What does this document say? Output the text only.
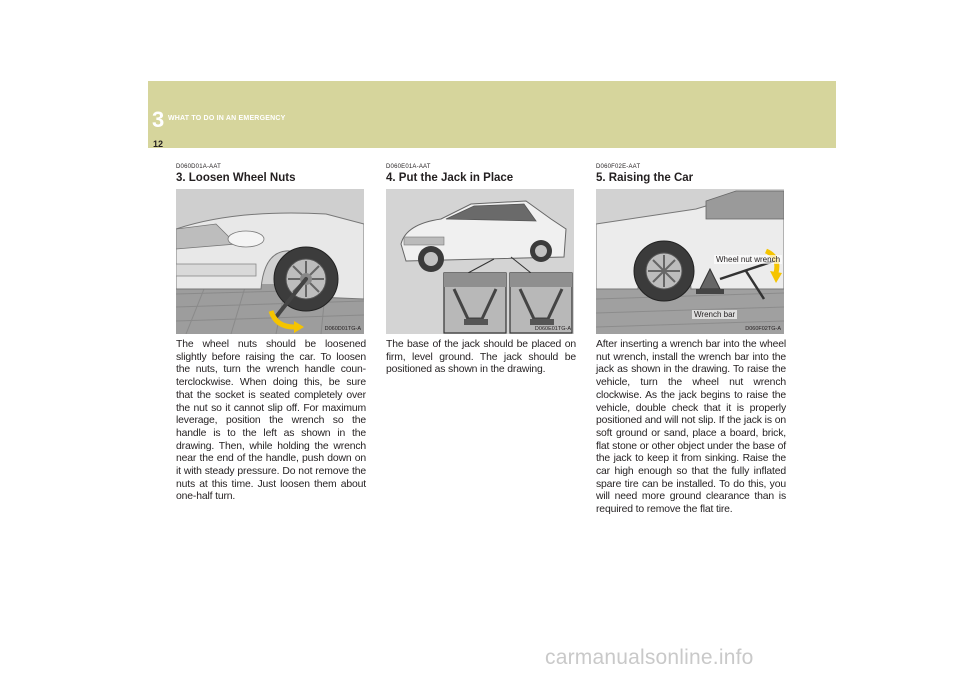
3 WHAT TO DO IN AN EMERGENCY
12
D060D01A-AAT
3. Loosen Wheel Nuts
D060D01TG-A
The wheel nuts should be loosened slightly before raising the car. To loosen the nuts, turn the wrench handle coun-terclockwise. When doing this, be sure that the socket is seated completely over the nut so it cannot slip off. For maximum leverage, position the wrench so the handle is to the left as shown in the drawing. Then, while holding the wrench near the end of the handle, push down on it with steady pressure. Do not remove the nuts at this time. Just loosen them about one-half turn.
D060E01A-AAT
4. Put the Jack in Place
D060E01TG-A
The base of the jack should be placed on firm, level ground. The jack should be positioned as shown in the drawing.
D060F02E-AAT
5. Raising the Car
Wheel nut wrench
Wrench bar
D060F02TG-A
After inserting a wrench bar into the wheel nut wrench, install the wrench bar into the jack as shown in the drawing. To raise the vehicle, turn the wheel nut wrench clockwise. As the jack begins to raise the vehicle, double check that it is properly positioned and will not slip. If the jack is on soft ground or sand, place a board, brick, flat stone or other object under the base of the jack to keep it from sinking. Raise the car high enough so that the fully inflated spare tire can be installed. To do this, you will need more ground clearance than is required to remove the flat tire.
carmanualsonline.info
